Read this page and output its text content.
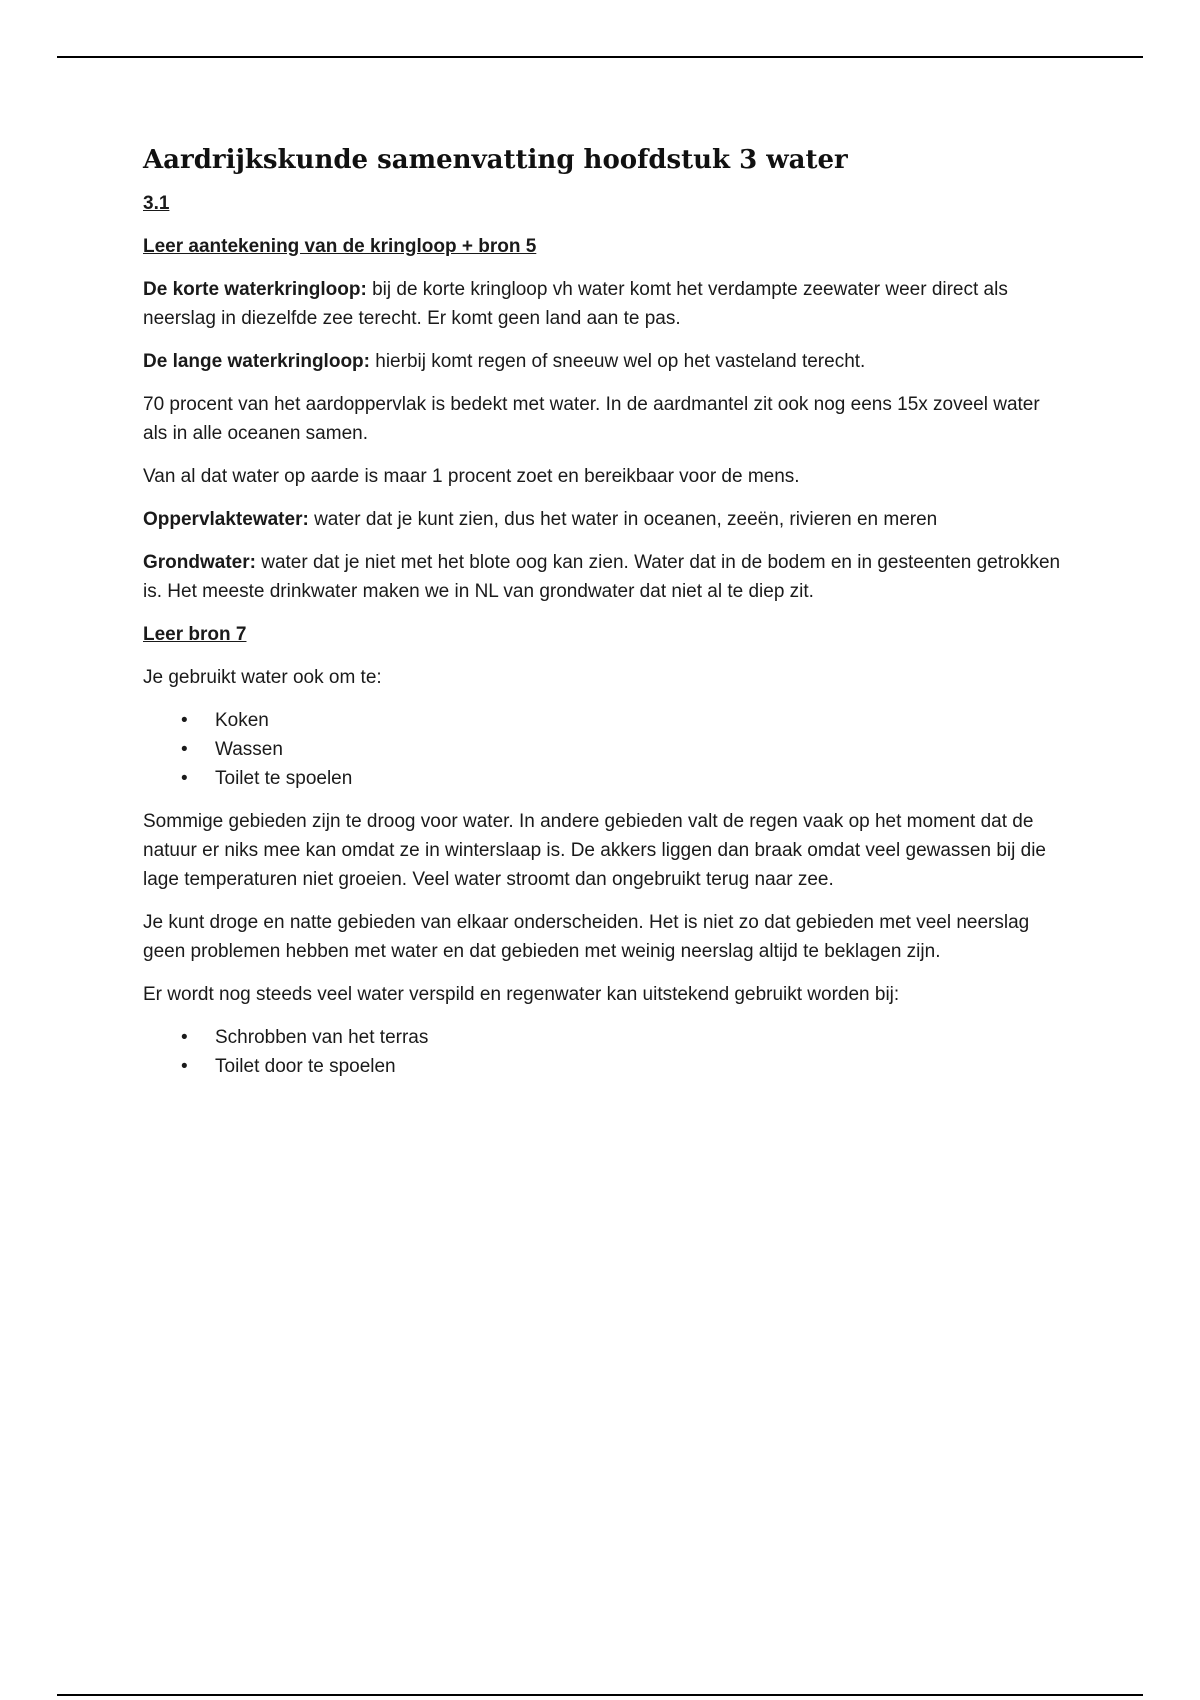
Aardrijkskunde samenvatting hoofdstuk 3 water

3.1

Leer aantekening van de kringloop + bron 5

De korte waterkringloop: bij de korte kringloop vh water komt het verdampte zeewater weer direct als neerslag in diezelfde zee terecht. Er komt geen land aan te pas.

De lange waterkringloop: hierbij komt regen of sneeuw wel op het vasteland terecht.

70 procent van het aardoppervlak is bedekt met water. In de aardmantel zit ook nog eens 15x zoveel water als in alle oceanen samen.

Van al dat water op aarde is maar 1 procent zoet en bereikbaar voor de mens.

Oppervlaktewater: water dat je kunt zien, dus het water in oceanen, zeeën, rivieren en meren

Grondwater: water dat je niet met het blote oog kan zien. Water dat in de bodem en in gesteenten getrokken is. Het meeste drinkwater maken we in NL van grondwater dat niet al te diep zit.

Leer bron 7

Je gebruikt water ook om te:

• Koken
• Wassen
• Toilet te spoelen

Sommige gebieden zijn te droog voor water. In andere gebieden valt de regen vaak op het moment dat de natuur er niks mee kan omdat ze in winterslaap is. De akkers liggen dan braak omdat veel gewassen bij die lage temperaturen niet groeien. Veel water stroomt dan ongebruikt terug naar zee.

Je kunt droge en natte gebieden van elkaar onderscheiden. Het is niet zo dat gebieden met veel neerslag geen problemen hebben met water en dat gebieden met weinig neerslag altijd te beklagen zijn.

Er wordt nog steeds veel water verspild en regenwater kan uitstekend gebruikt worden bij:

• Schrobben van het terras
• Toilet door te spoelen
